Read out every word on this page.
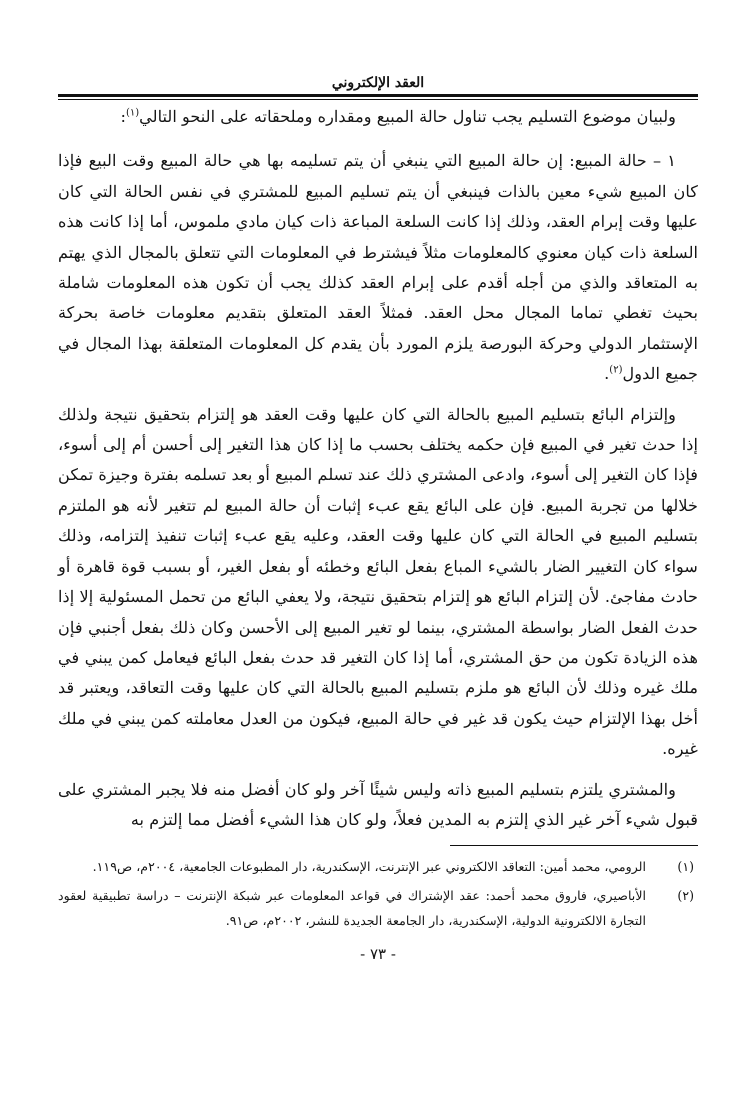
العقد الإلكتروني

ولبيان موضوع التسليم يجب تناول حالة المبيع ومقداره وملحقاته على النحو التالي$^{(١)}$:

١ – حالة المبيع: إن حالة المبيع التي ينبغي أن يتم تسليمه بها هي حالة المبيع وقت البيع فإذا كان المبيع شيء معين بالذات فينبغي أن يتم تسليم المبيع للمشتري في نفس الحالة التي كان عليها وقت إبرام العقد، وذلك إذا كانت السلعة المباعة ذات كيان مادي ملموس، أما إذا كانت هذه السلعة ذات كيان معنوي كالمعلومات مثلاً فيشترط في المعلومات التي تتعلق بالمجال الذي يهتم به المتعاقد والذي من أجله أقدم على إبرام العقد كذلك يجب أن تكون هذه المعلومات شاملة بحيث تغطي تماما المجال محل العقد. فمثلاً العقد المتعلق بتقديم معلومات خاصة بحركة الإستثمار الدولي وحركة البورصة يلزم المورد بأن يقدم كل المعلومات المتعلقة بهذا المجال في جميع الدول$^{(٢)}$.

وإلتزام البائع بتسليم المبيع بالحالة التي كان عليها وقت العقد هو إلتزام بتحقيق نتيجة ولذلك إذا حدث تغير في المبيع فإن حكمه يختلف بحسب ما إذا كان هذا التغير إلى أحسن أم إلى أسوء، فإذا كان التغير إلى أسوء، وادعى المشتري ذلك عند تسلم المبيع أو بعد تسلمه بفترة وجيزة تمكن خلالها من تجربة المبيع. فإن على البائع يقع عبء إثبات أن حالة المبيع لم تتغير لأنه هو الملتزم بتسليم المبيع في الحالة التي كان عليها وقت العقد، وعليه يقع عبء إثبات تنفيذ إلتزامه، وذلك سواء كان التغيير الضار بالشيء المباع بفعل البائع وخطئه أو بفعل الغير، أو بسبب قوة قاهرة أو حادث مفاجئ. لأن إلتزام البائع هو إلتزام بتحقيق نتيجة، ولا يعفي البائع من تحمل المسئولية إلا إذا حدث الفعل الضار بواسطة المشتري، بينما لو تغير المبيع إلى الأحسن وكان ذلك بفعل أجنبي فإن هذه الزيادة تكون من حق المشتري، أما إذا كان التغير قد حدث بفعل البائع فيعامل كمن يبني في ملك غيره وذلك لأن البائع هو ملزم بتسليم المبيع بالحالة التي كان عليها وقت التعاقد، ويعتبر قد أخل بهذا الإلتزام حيث يكون قد غير في حالة المبيع، فيكون من العدل معاملته كمن يبني في ملك غيره.

والمشتري يلتزم بتسليم المبيع ذاته وليس شيئًا آخر ولو كان أفضل منه فلا يجبر المشتري على قبول شيء آخر غير الذي إلتزم به المدين فعلاً، ولو كان هذا الشيء أفضل مما إلتزم به

(١)
الرومي، محمد أمين: التعاقد الالكتروني عبر الإنترنت، الإسكندرية، دار المطبوعات الجامعية، ٢٠٠٤م، ص١١٩.
(٢)
الأباصيري، فاروق محمد أحمد: عقد الإشتراك في قواعد المعلومات عبر شبكة الإنترنت – دراسة تطبيقية لعقود التجارة الالكترونية الدولية، الإسكندرية، دار الجامعة الجديدة للنشر، ٢٠٠٢م، ص٩١.
- ٧٣ -
